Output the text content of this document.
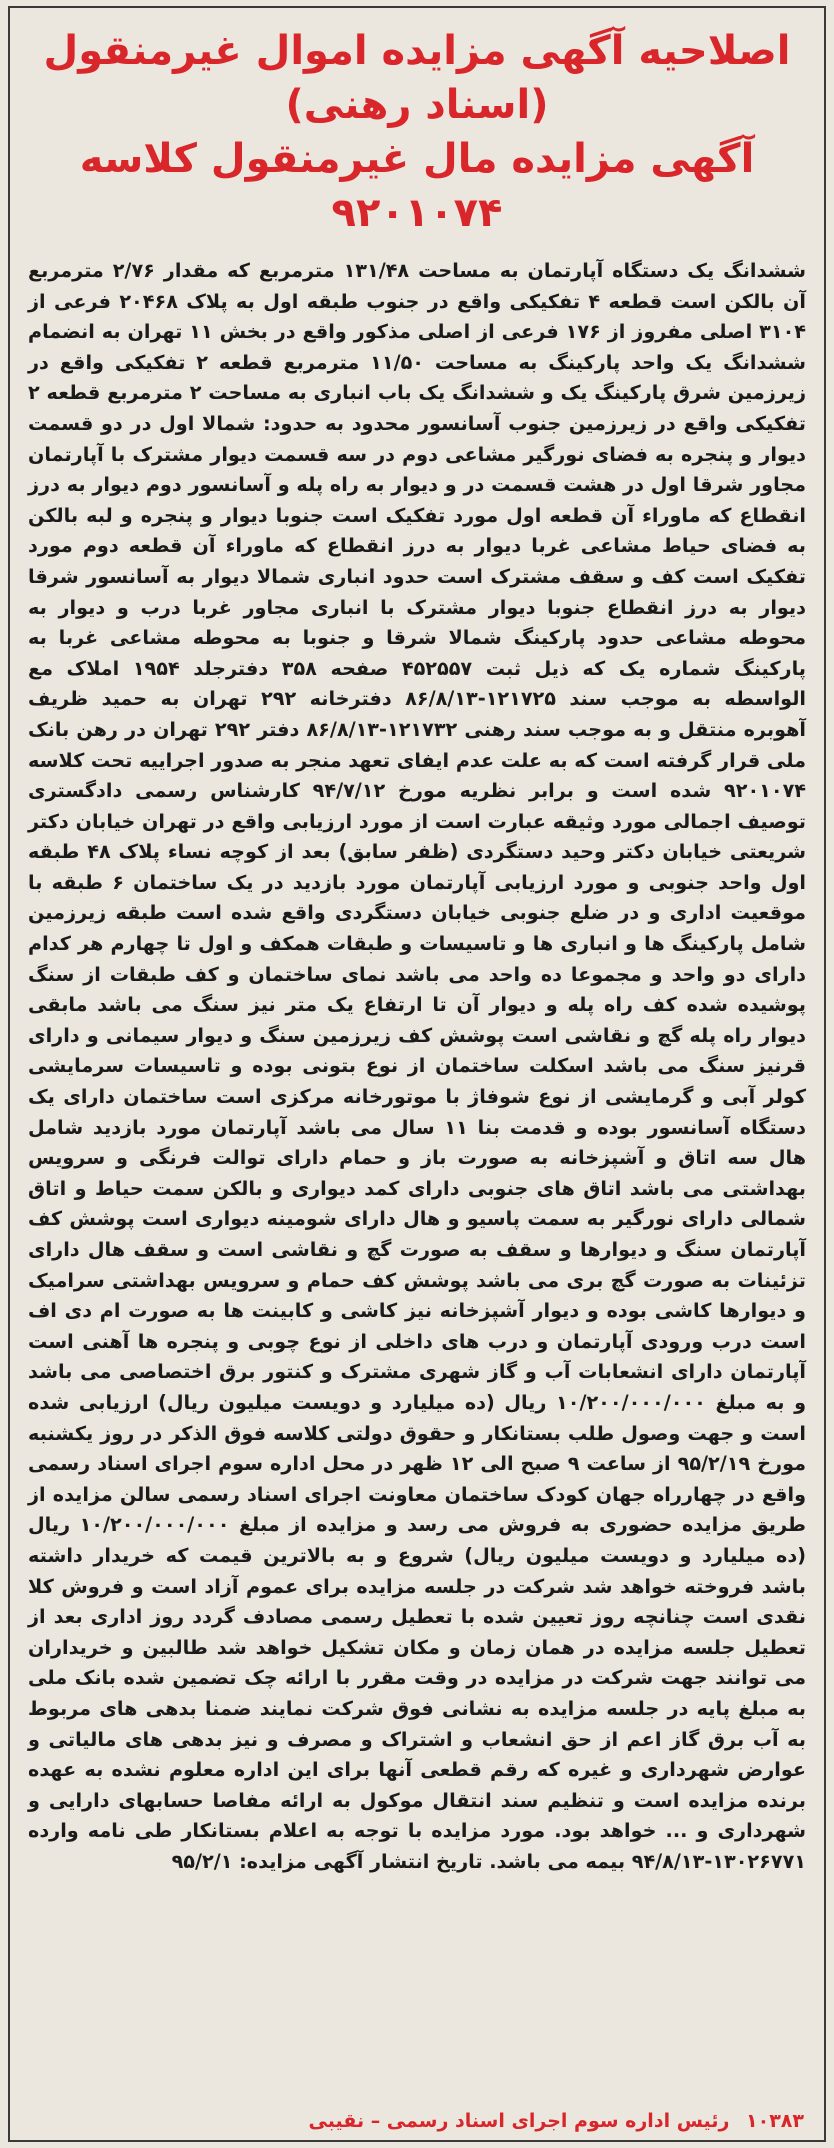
اصلاحیه آگهی مزایده اموال غیرمنقول
(اسناد رهنی)
آگهی مزایده مال غیرمنقول کلاسه
۹۲۰۱۰۷۴

ششدانگ یک دستگاه آپارتمان به مساحت ۱۳۱/۴۸ مترمربع که مقدار ۲/۷۶ مترمربع آن بالکن است قطعه ۴ تفکیکی واقع در جنوب طبقه اول به پلاک ۲۰۴۶۸ فرعی از ۳۱۰۴ اصلی مفروز از ۱۷۶ فرعی از اصلی مذکور واقع در بخش ۱۱ تهران به انضمام ششدانگ یک واحد پارکینگ به مساحت ۱۱/۵۰ مترمربع قطعه ۲ تفکیکی واقع در زیرزمین شرق پارکینگ یک و ششدانگ یک باب انباری به مساحت ۲ مترمربع قطعه ۲ تفکیکی واقع در زیرزمین جنوب آسانسور محدود به حدود: شمالا اول در دو قسمت دیوار و پنجره به فضای نورگیر مشاعی دوم در سه قسمت دیوار مشترک با آپارتمان مجاور شرقا اول در هشت قسمت در و دیوار به راه پله و آسانسور دوم دیوار به درز انقطاع که ماوراء آن قطعه اول مورد تفکیک است جنوبا دیوار و پنجره و لبه بالکن به فضای حیاط مشاعی غربا دیوار به درز انقطاع که ماوراء آن قطعه دوم مورد تفکیک است کف و سقف مشترک است حدود انباری شمالا دیوار به آسانسور شرقا دیوار به درز انقطاع جنوبا دیوار مشترک با انباری مجاور غربا درب و دیوار به محوطه مشاعی حدود پارکینگ شمالا شرقا و جنوبا به محوطه مشاعی غربا به پارکینگ شماره یک که ذیل ثبت ۴۵۲۵۵۷ صفحه ۳۵۸ دفترجلد ۱۹۵۴ املاک مع الواسطه به موجب سند ۱۲۱۷۲۵-۸۶/۸/۱۳ دفترخانه ۲۹۲ تهران به حمید ظریف آهوبره منتقل و به موجب سند رهنی ۱۲۱۷۳۲-۸۶/۸/۱۳ دفتر ۲۹۲ تهران در رهن بانک ملی قرار گرفته است که به علت عدم ایفای تعهد منجر به صدور اجراییه تحت کلاسه ۹۲۰۱۰۷۴ شده است و برابر نظریه مورخ ۹۴/۷/۱۲ کارشناس رسمی دادگستری توصیف اجمالی مورد وثیقه عبارت است از مورد ارزیابی واقع در تهران خیابان دکتر شریعتی خیابان دکتر وحید دستگردی (ظفر سابق) بعد از کوچه نساء پلاک ۴۸ طبقه اول واحد جنوبی و مورد ارزیابی آپارتمان مورد بازدید در یک ساختمان ۶ طبقه با موقعیت اداری و در ضلع جنوبی خیابان دستگردی واقع شده است طبقه زیرزمین شامل پارکینگ ها و انباری ها و تاسیسات و طبقات همکف و اول تا چهارم هر کدام دارای دو واحد و مجموعا ده واحد می باشد نمای ساختمان و کف طبقات از سنگ پوشیده شده کف راه پله و دیوار آن تا ارتفاع یک متر نیز سنگ می باشد مابقی دیوار راه پله گچ و نقاشی است پوشش کف زیرزمین سنگ و دیوار سیمانی و دارای قرنیز سنگ می باشد اسکلت ساختمان از نوع بتونی بوده و تاسیسات سرمایشی کولر آبی و گرمایشی از نوع شوفاژ با موتورخانه مرکزی است ساختمان دارای یک دستگاه آسانسور بوده و قدمت بنا ۱۱ سال می باشد آپارتمان مورد بازدید شامل هال سه اتاق و آشپزخانه به صورت باز و حمام دارای توالت فرنگی و سرویس بهداشتی می باشد اتاق های جنوبی دارای کمد دیواری و بالکن سمت حیاط و اتاق شمالی دارای نورگیر به سمت پاسیو و هال دارای شومینه دیواری است پوشش کف آپارتمان سنگ و دیوارها و سقف به صورت گچ و نقاشی است و سقف هال دارای تزئینات به صورت گچ بری می باشد پوشش کف حمام و سرویس بهداشتی سرامیک و دیوارها کاشی بوده و دیوار آشپزخانه نیز کاشی و کابینت ها به صورت ام دی اف است درب ورودی آپارتمان و درب های داخلی از نوع چوبی و پنجره ها آهنی است آپارتمان دارای انشعابات آب و گاز شهری مشترک و کنتور برق اختصاصی می باشد و به مبلغ ۱۰/۲۰۰/۰۰۰/۰۰۰ ریال (ده میلیارد و دویست میلیون ریال) ارزیابی شده است و جهت وصول طلب بستانکار و حقوق دولتی کلاسه فوق الذکر در روز یکشنبه مورخ ۹۵/۲/۱۹ از ساعت ۹ صبح الی ۱۲ ظهر در محل اداره سوم اجرای اسناد رسمی واقع در چهارراه جهان کودک ساختمان معاونت اجرای اسناد رسمی سالن مزایده از طریق مزایده حضوری به فروش می رسد و مزایده از مبلغ ۱۰/۲۰۰/۰۰۰/۰۰۰ ریال (ده میلیارد و دویست میلیون ریال) شروع و به بالاترین قیمت که خریدار داشته باشد فروخته خواهد شد شرکت در جلسه مزایده برای عموم آزاد است و فروش کلا نقدی است چنانچه روز تعیین شده با تعطیل رسمی مصادف گردد روز اداری بعد از تعطیل جلسه مزایده در همان زمان و مکان تشکیل خواهد شد طالبین و خریداران می توانند جهت شرکت در مزایده در وقت مقرر با ارائه چک تضمین شده بانک ملی به مبلغ پایه در جلسه مزایده به نشانی فوق شرکت نمایند ضمنا بدهی های مربوط به آب برق گاز اعم از حق انشعاب و اشتراک و مصرف و نیز بدهی های مالیاتی و عوارض شهرداری و غیره که رقم قطعی آنها برای این اداره معلوم نشده به عهده برنده مزایده است و تنظیم سند انتقال موکول به ارائه مفاصا حسابهای دارایی و شهرداری و ... خواهد بود. مورد مزایده با توجه به اعلام بستانکار طی نامه وارده ۱۳۰۲۶۷۷۱-۹۴/۸/۱۳ بیمه می باشد. تاریخ انتشار آگهی مزایده: ۹۵/۲/۱

۱۰۳۸۳ رئیس اداره سوم اجرای اسناد رسمی – نقیبی
